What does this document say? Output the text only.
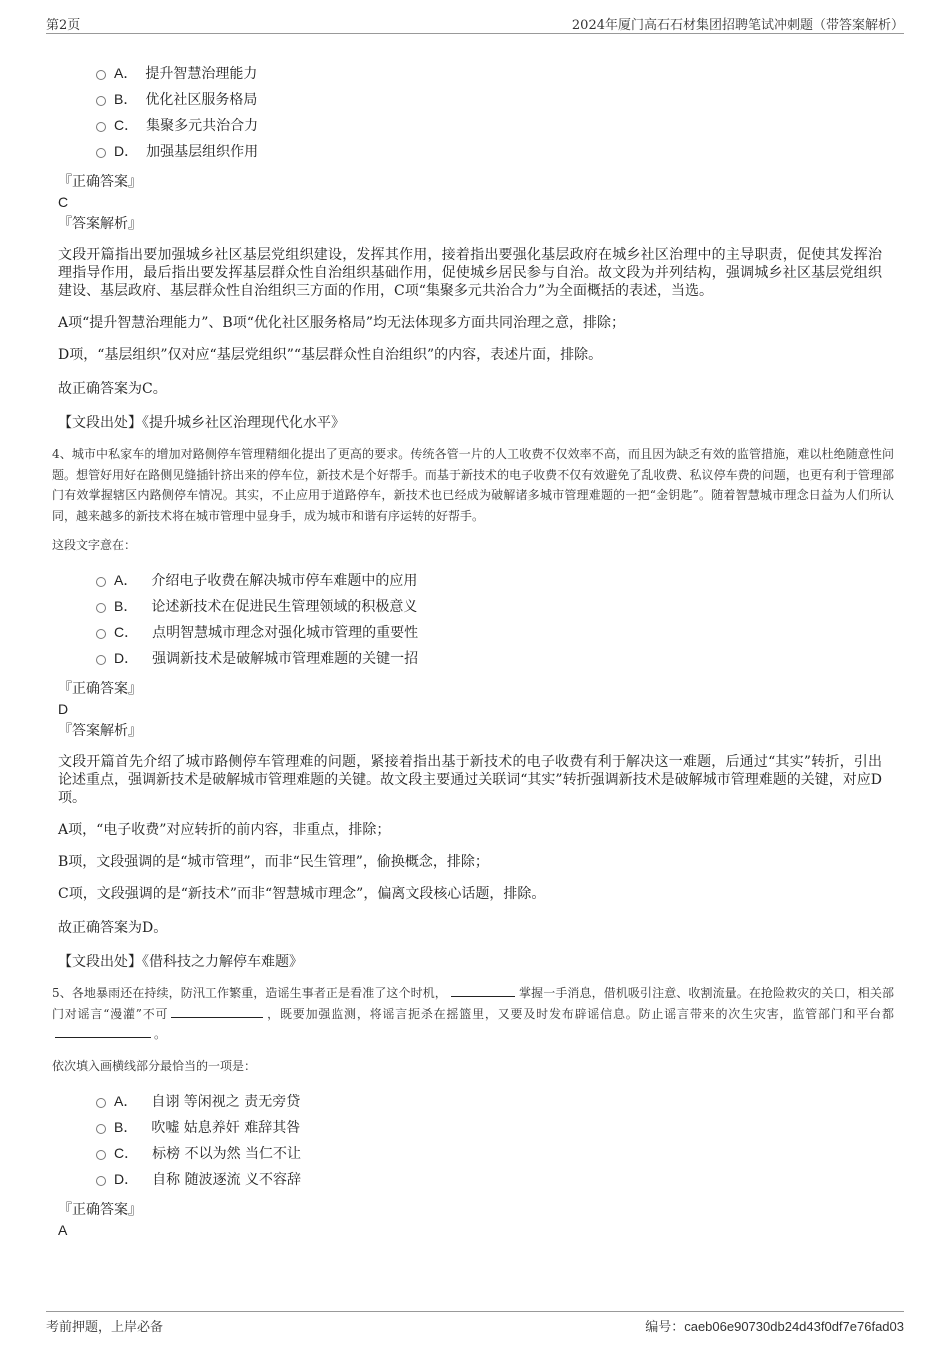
第2页	2024年厦门高石石材集团招聘笔试冲刺题（带答案解析）
A． 提升智慧治理能力
B． 优化社区服务格局
C． 集聚多元共治合力
D． 加强基层组织作用
『正确答案』
C
『答案解析』

文段开篇指出要加强城乡社区基层党组织建设，发挥其作用，接着指出要强化基层政府在城乡社区治理中的主导职责，促使其发挥治理指导作用，最后指出要发挥基层群众性自治组织基础作用，促使城乡居民参与自治。故文段为并列结构，强调城乡社区基层党组织建设、基层政府、基层群众性自治组织三方面的作用，C项“集聚多元共治合力”为全面概括的表述，当选。

A项“提升智慧治理能力”、B项“优化社区服务格局”均无法体现多方面共同治理之意，排除；

D项，“基层组织”仅对应“基层党组织”“基层群众性自治组织”的内容，表述片面，排除。

故正确答案为C。

【文段出处】《提升城乡社区治理现代化水平》

4、城市中私家车的增加对路侧停车管理精细化提出了更高的要求。传统各管一片的人工收费不仅效率不高，而且因为缺乏有效的监管措施，难以杜绝随意性问题。想管好用好在路侧见缝插针挤出来的停车位，新技术是个好帮手。而基于新技术的电子收费不仅有效避免了乱收费、私议停车费的问题，也更有利于管理部门有效掌握辖区内路侧停车情况。其实，不止应用于道路停车，新技术也已经成为破解诸多城市管理难题的一把“金钥匙”。随着智慧城市理念日益为人们所认同，越来越多的新技术将在城市管理中显身手，成为城市和谐有序运转的好帮手。

这段文字意在：

A． 介绍电子收费在解决城市停车难题中的应用
B． 论述新技术在促进民生管理领域的积极意义
C． 点明智慧城市理念对强化城市管理的重要性
D． 强调新技术是破解城市管理难题的关键一招
『正确答案』
D
『答案解析』

文段开篇首先介绍了城市路侧停车管理难的问题，紧接着指出基于新技术的电子收费有利于解决这一难题，后通过“其实”转折，引出论述重点，强调新技术是破解城市管理难题的关键。故文段主要通过关联词“其实”转折强调新技术是破解城市管理难题的关键，对应D项。

A项，“电子收费”对应转折的前内容，非重点，排除；

B项，文段强调的是“城市管理”，而非“民生管理”，偷换概念，排除；

C项，文段强调的是“新技术”而非“智慧城市理念”，偏离文段核心话题，排除。

故正确答案为D。

【文段出处】《借科技之力解停车难题》

5、各地暴雨还在持续，防汛工作繁重，造谣生事者正是看准了这个时机，	掌握一手消息，借机吸引注意、收割流量。在抢险救灾的关口，相关部门对谣言“漫灌”不可	，既要加强监测，将谣言扼杀在摇篮里，又要及时发布辟谣信息。防止谣言带来的次生灾害，监管部门和平台都。

依次填入画横线部分最恰当的一项是：

A． 自诩 等闲视之 责无旁贷
B． 吹嘘 姑息养奸 难辞其咎
C． 标榜 不以为然 当仁不让
D． 自称 随波逐流 义不容辞
『正确答案』
A
考前押题，上岸必备	编号：caeb06e90730db24d43f0df7e76fad03
